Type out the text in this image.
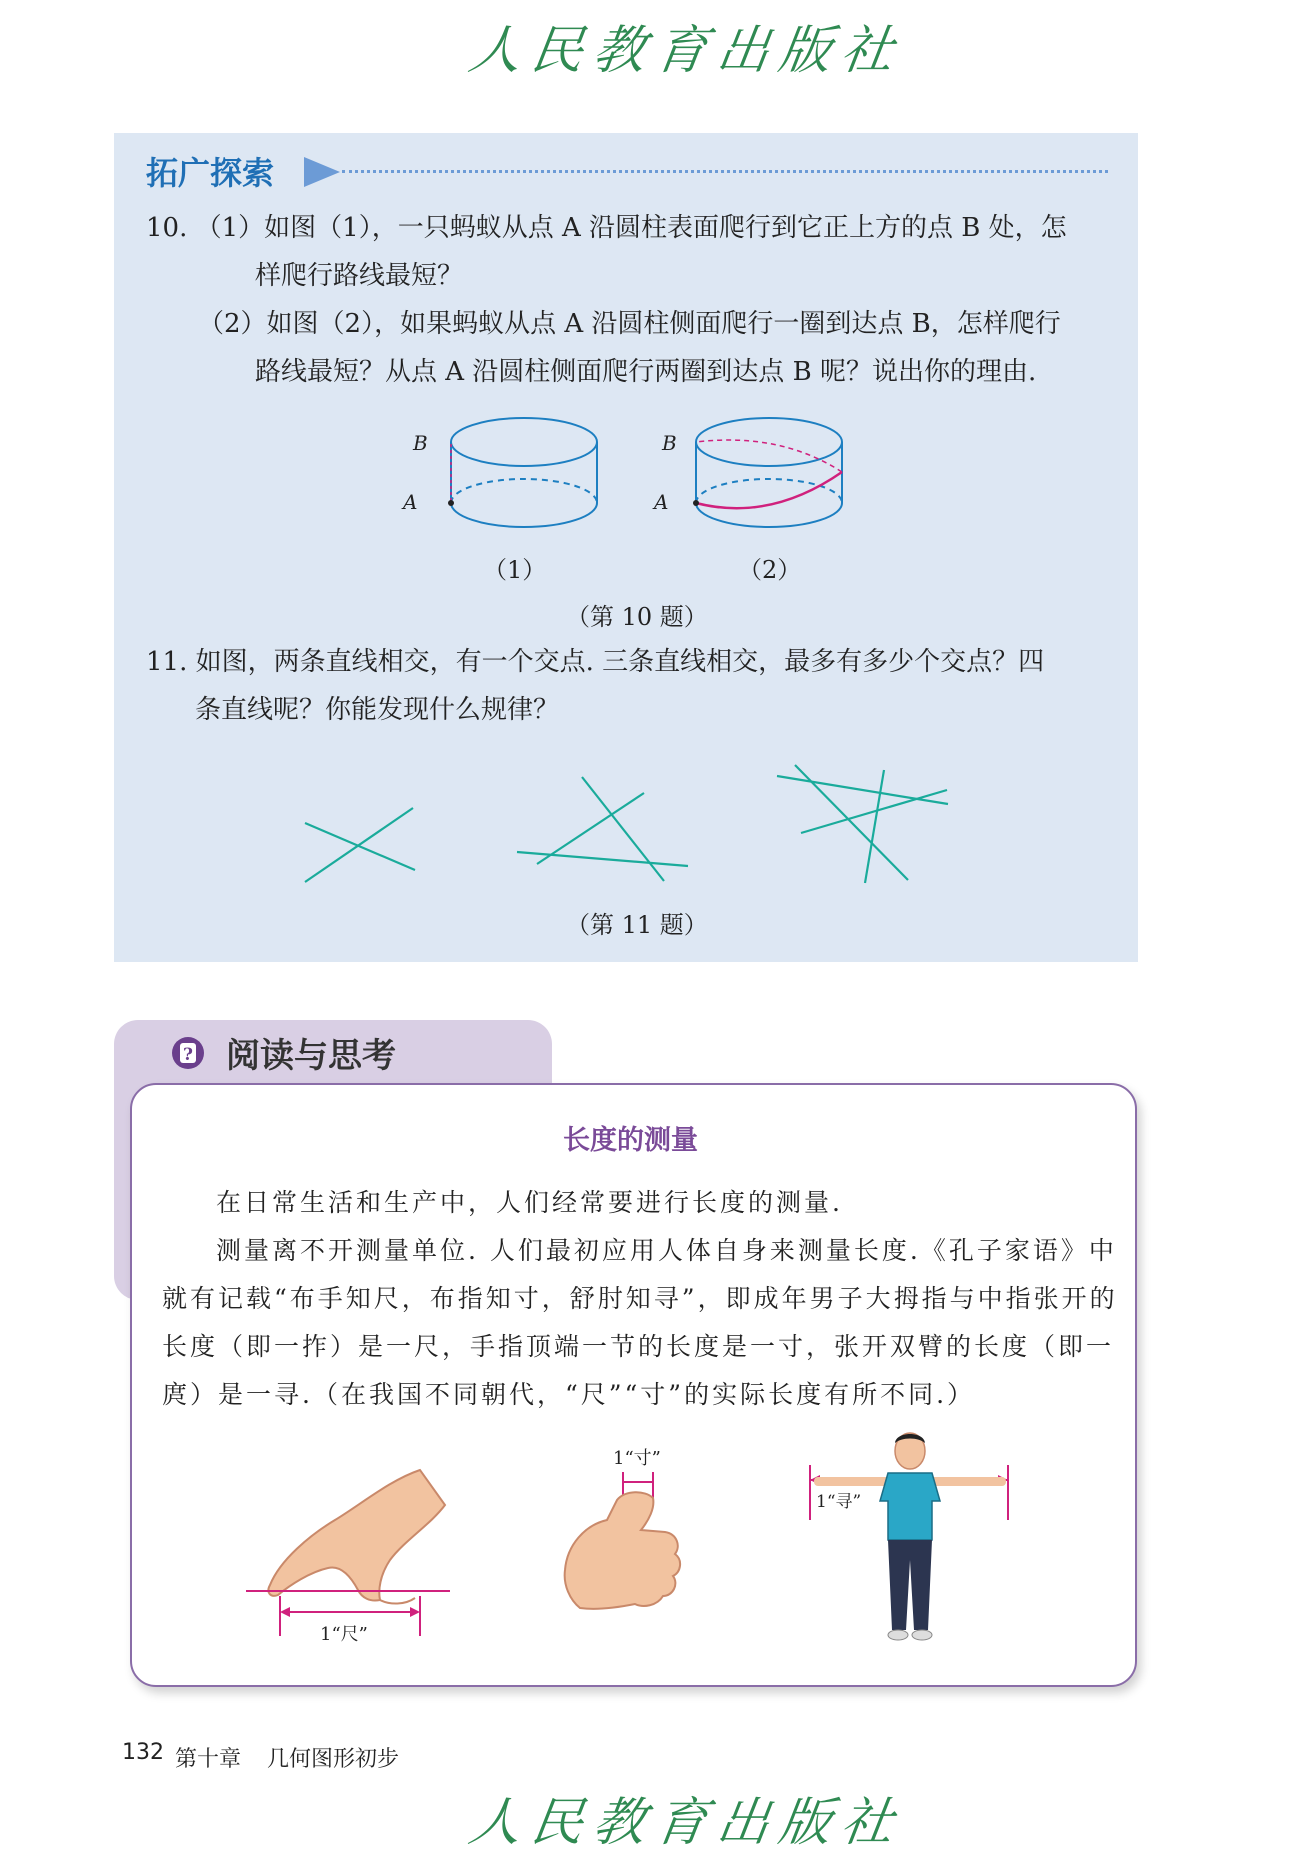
人民教育出版社
拓广探索
10. （1）如图（1），一只蚂蚁从点 A 沿圆柱表面爬行到它正上方的点 B 处，怎
样爬行路线最短？
（2）如图（2），如果蚂蚁从点 A 沿圆柱侧面爬行一圈到达点 B，怎样爬行
路线最短？从点 A 沿圆柱侧面爬行两圈到达点 B 呢？说出你的理由.
B
A
（1）
B
A
（2）
（第 10 题）
11. 如图，两条直线相交，有一个交点. 三条直线相交，最多有多少个交点？四
条直线呢？你能发现什么规律？
（第 11 题）
? 阅读与思考
长度的测量
在日常生活和生产中，人们经常要进行长度的测量.
测量离不开测量单位. 人们最初应用人体自身来测量长度.《孔子家语》中
就有记载“布手知尺，布指知寸，舒肘知寻”，即成年男子大拇指与中指张开的
长度（即一拃）是一尺，手指顶端一节的长度是一寸，张开双臂的长度（即一
庹）是一寻.（在我国不同朝代，“尺”“寸”的实际长度有所不同.）
1“尺”
1“寸”
1“寻”
132 第十章 几何图形初步
人民教育出版社
